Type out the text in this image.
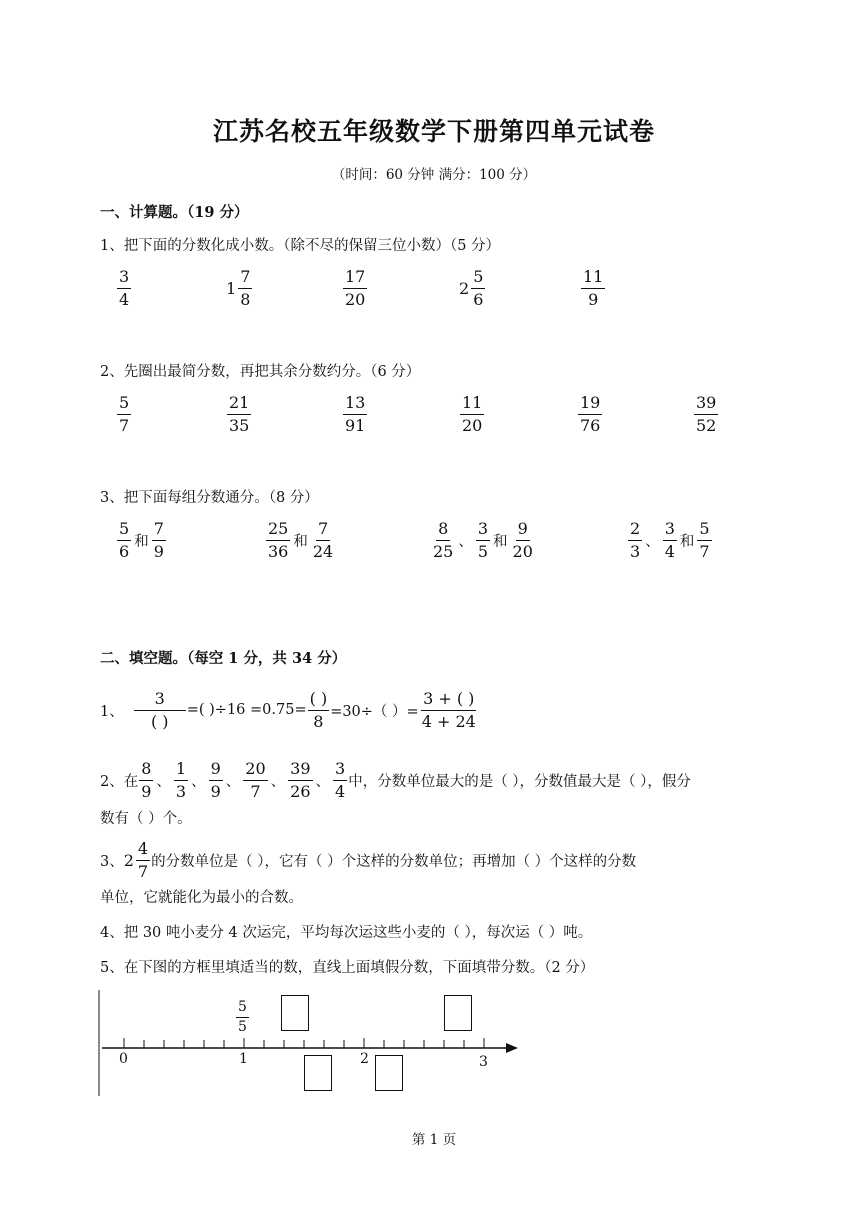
江苏名校五年级数学下册第四单元试卷
（时间：60 分钟 满分：100 分）
一、计算题。（19 分）
1、把下面的分数化成小数。（除不尽的保留三位小数）（5 分）
$\frac{3}{4}$	$1 \frac{7}{8}$	$\frac{17}{20}$	$2 \frac{5}{6}$	$\frac{11}{9}$
2、先圈出最简分数，再把其余分数约分。（6 分）
$\frac{5}{7}$	$\frac{21}{35}$	$\frac{13}{91}$	$\frac{11}{20}$	$\frac{19}{76}$	$\frac{39}{52}$
3、把下面每组分数通分。（8 分）
$\frac{5}{6}$ 和 $\frac{7}{9}$	$\frac{25}{36}$ 和 $\frac{7}{24}$	$\frac{8}{25}$ 、 $\frac{3}{5}$ 和 $\frac{9}{20}$	$\frac{2}{3}$ 、 $\frac{3}{4}$ 和 $\frac{5}{7}$
二、填空题。（每空 1 分，共 34 分）
1、 $\frac{3}{( )}$ =( )$\div 16 =0.75= \frac{( )}{8} =30\div$（ ）= $\frac{3 + ( )}{4 + 24}$
2、在 $\frac{8}{9}$ 、 $\frac{1}{3}$ 、 $\frac{9}{9}$ 、 $\frac{20}{7}$ 、 $\frac{39}{26}$ 、 $\frac{3}{4}$ 中，分数单位最大的是（ ），分数值最大是（ ），假分
数有（ ）个。
3、 $2 \frac{4}{7}$ 的分数单位是（ ），它有（ ）个这样的分数单位；再增加（ ）个这样的分数
单位，它就能化为最小的合数。
4、把 30 吨小麦分 4 次运完，平均每次运这些小麦的（ ），每次运（ ）吨。
5、在下图的方框里填适当的数，直线上面填假分数，下面填带分数。（2 分）
0	1	2	3
$\frac{5}{5}$
第 1 页
